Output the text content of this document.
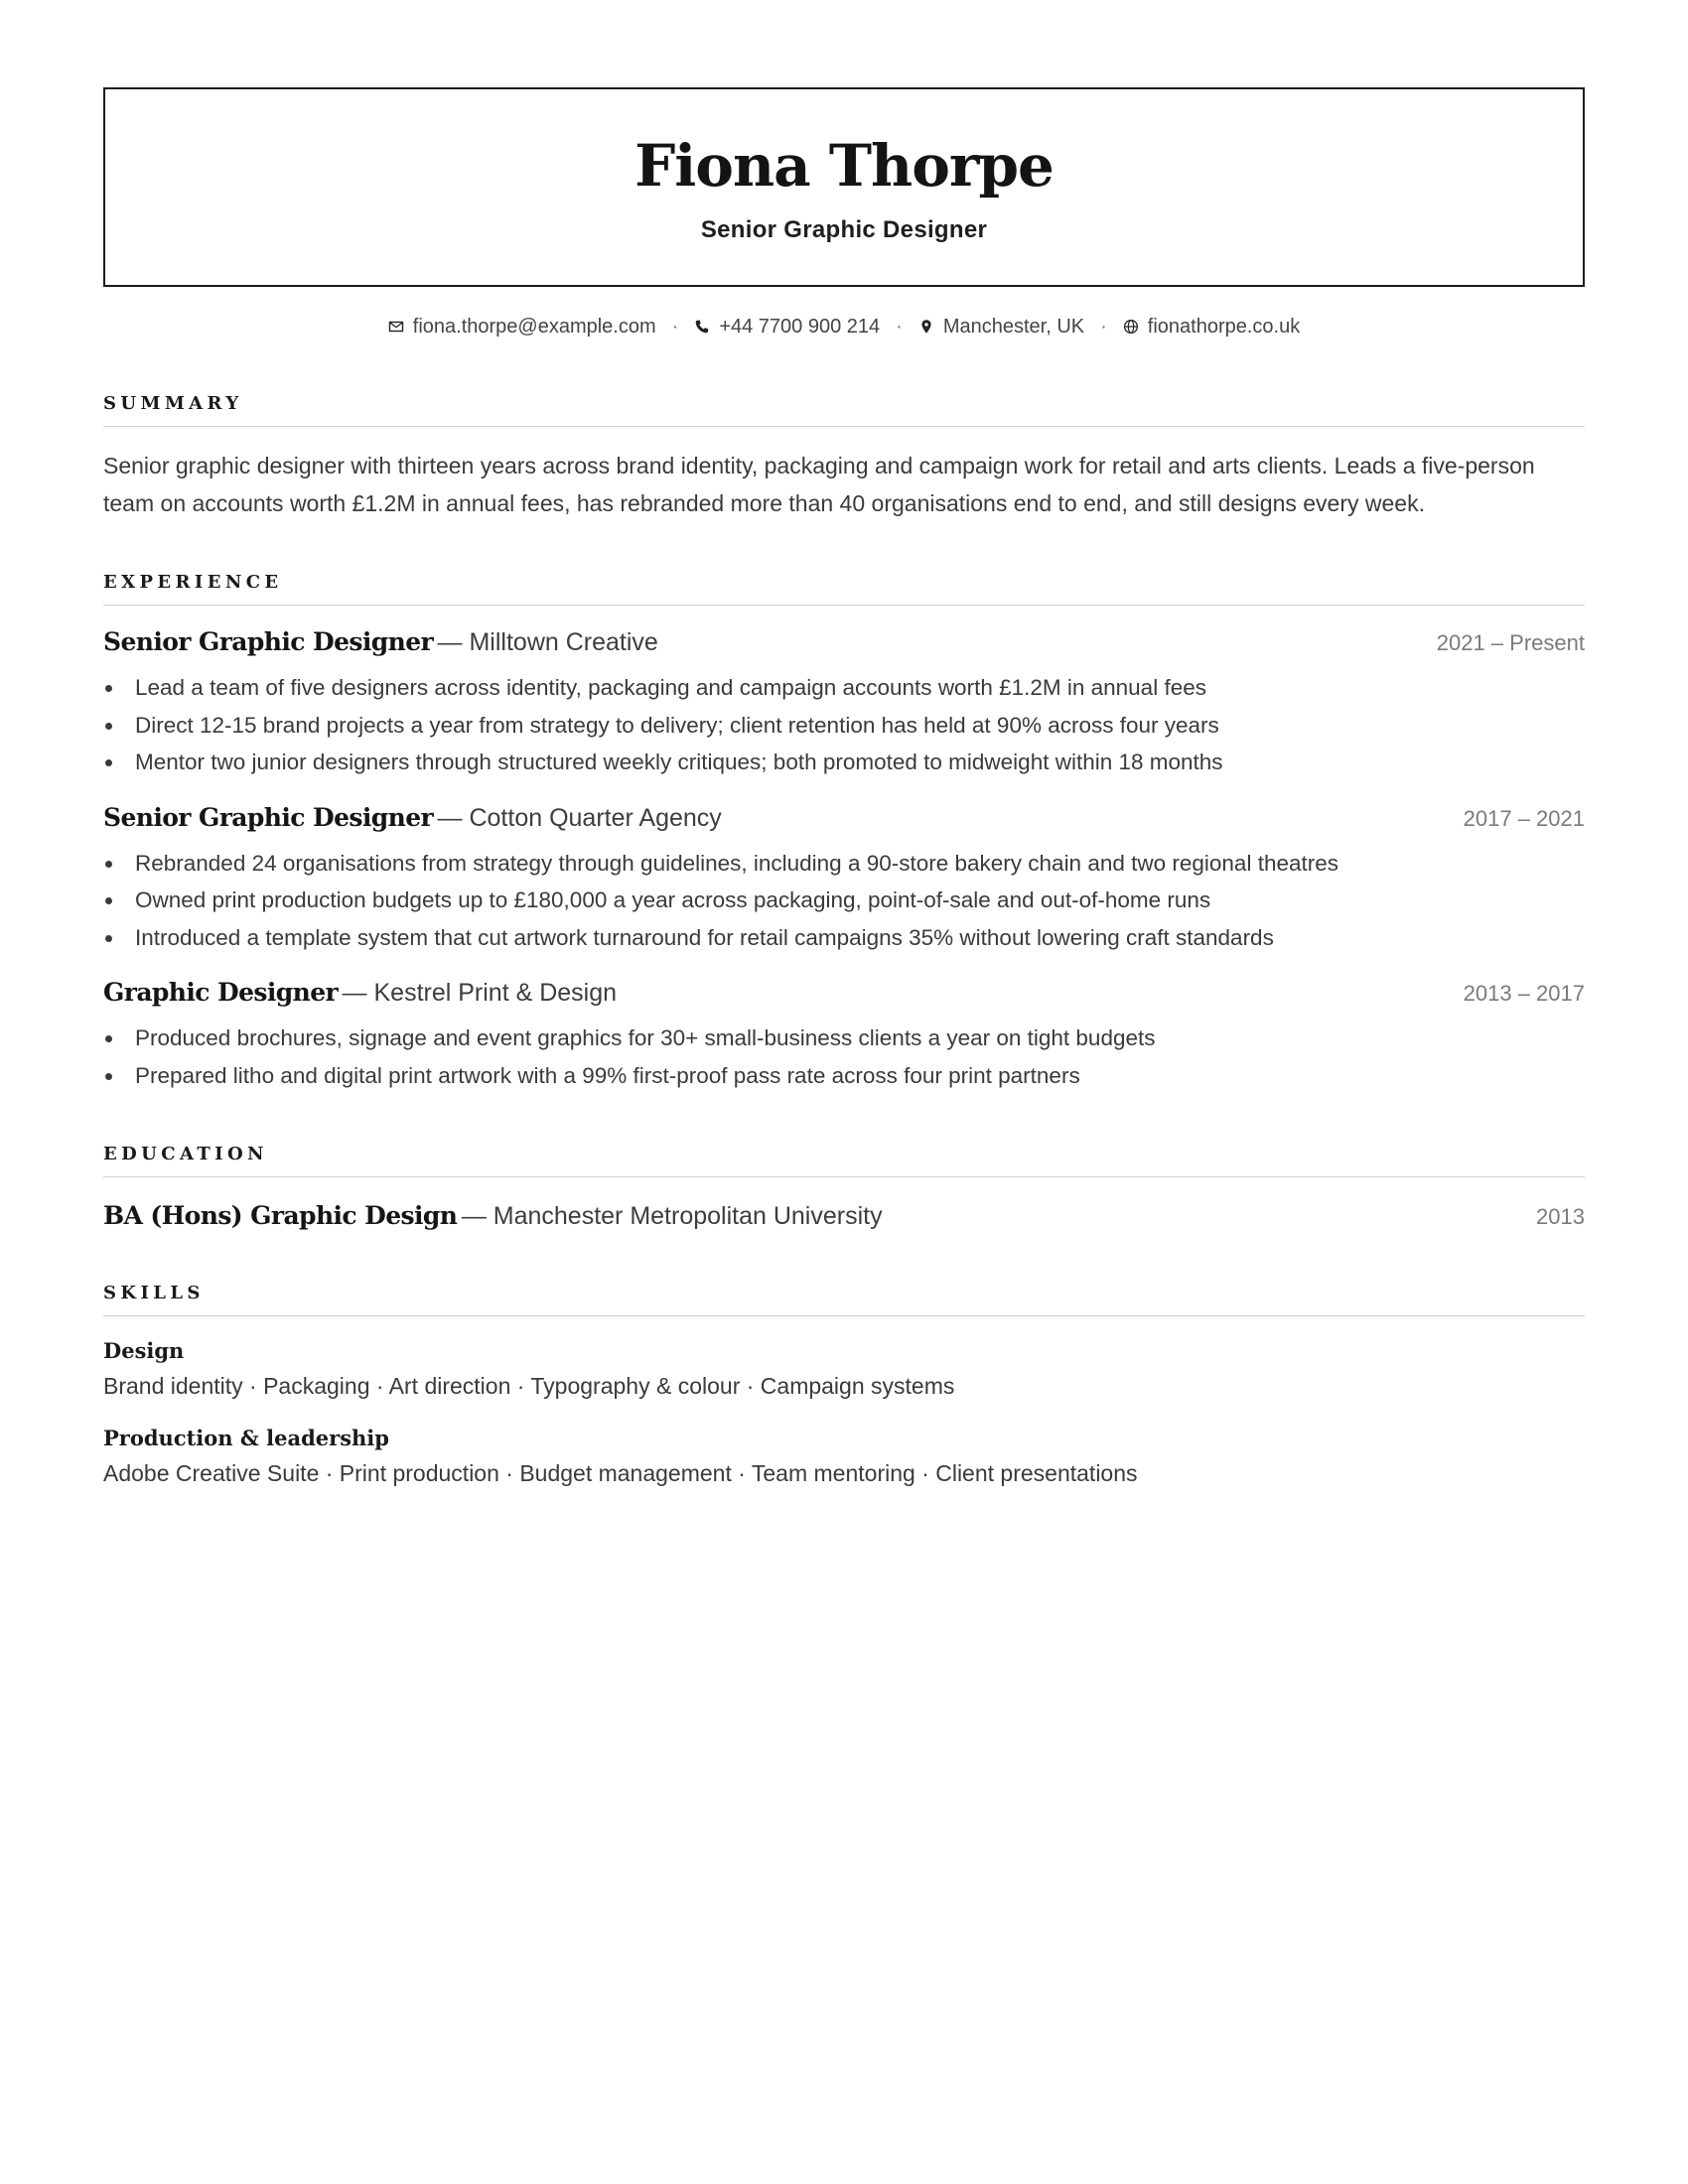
Fiona Thorpe
Senior Graphic Designer
fiona.thorpe@example.com · +44 7700 900 214 · Manchester, UK · fionathorpe.co.uk
SUMMARY

Senior graphic designer with thirteen years across brand identity, packaging and campaign work for retail and arts clients. Leads a five-person team on accounts worth £1.2M in annual fees, has rebranded more than 40 organisations end to end, and still designs every week.

EXPERIENCE
Senior Graphic Designer — Milltown Creative	2021 – Present
Lead a team of five designers across identity, packaging and campaign accounts worth £1.2M in annual fees
Direct 12-15 brand projects a year from strategy to delivery; client retention has held at 90% across four years
Mentor two junior designers through structured weekly critiques; both promoted to midweight within 18 months
Senior Graphic Designer — Cotton Quarter Agency	2017 – 2021
Rebranded 24 organisations from strategy through guidelines, including a 90-store bakery chain and two regional theatres
Owned print production budgets up to £180,000 a year across packaging, point-of-sale and out-of-home runs
Introduced a template system that cut artwork turnaround for retail campaigns 35% without lowering craft standards
Graphic Designer — Kestrel Print & Design	2013 – 2017
Produced brochures, signage and event graphics for 30+ small-business clients a year on tight budgets
Prepared litho and digital print artwork with a 99% first-proof pass rate across four print partners
EDUCATION
BA (Hons) Graphic Design — Manchester Metropolitan University	2013
SKILLS
Design
Brand identity · Packaging · Art direction · Typography & colour · Campaign systems
Production & leadership
Adobe Creative Suite · Print production · Budget management · Team mentoring · Client presentations
